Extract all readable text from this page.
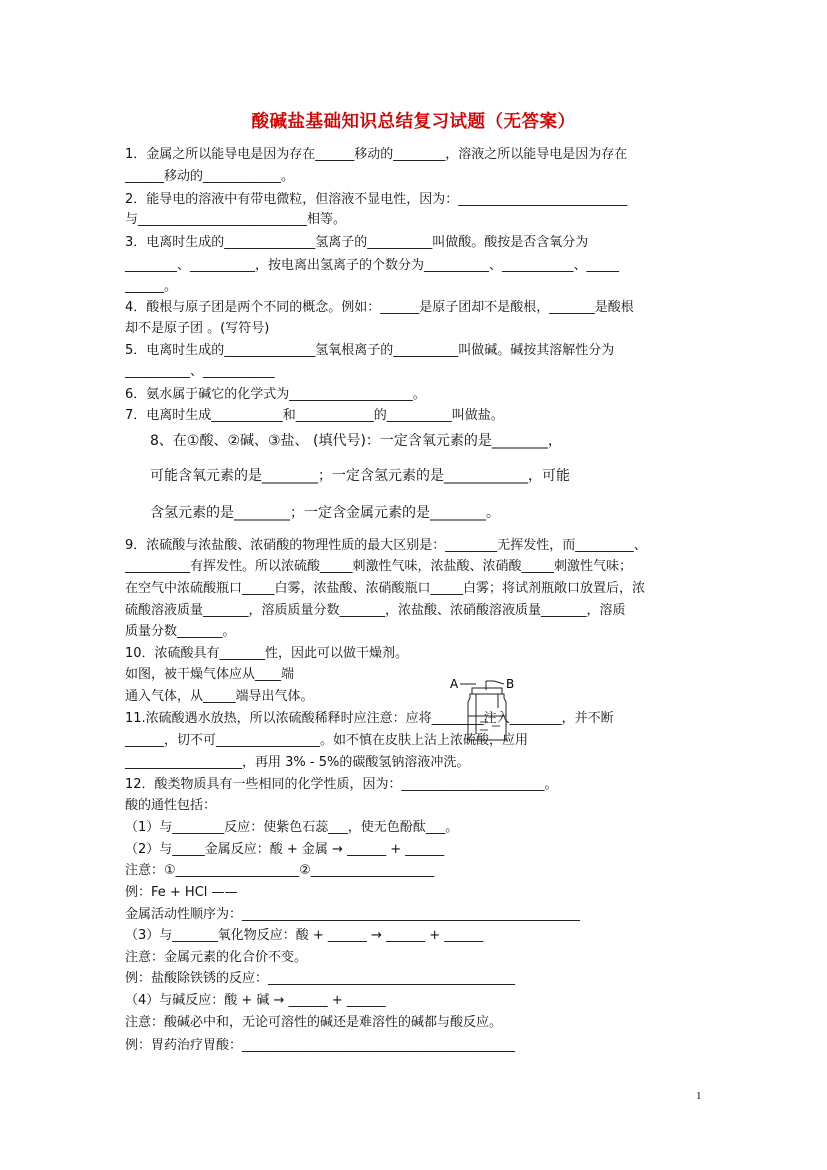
酸碱盐基础知识总结复习试题（无答案）
1．金属之所以能导电是因为存在______移动的________，溶液之所以能导电是因为存在
______移动的____________。
2．能导电的溶液中有带电微粒，但溶液不显电性，因为：__________________________
与__________________________相等。
3．电离时生成的______________氢离子的__________叫做酸。酸按是否含氧分为
________、__________，按电离出氢离子的个数分为__________、___________、_____
______。
4．酸根与原子团是两个不同的概念。例如：______是原子团却不是酸根，_______是酸根
却不是原子团 。(写符号)
5．电离时生成的______________氢氧根离子的__________叫做碱。碱按其溶解性分为
__________、___________
6．氨水属于碱它的化学式为___________________。
7．电离时生成___________和____________的__________叫做盐。
8、在①酸、②碱、③盐、 (填代号)：一定含氧元素的是________，
可能含氧元素的是________；一定含氢元素的是____________，可能
含氢元素的是________；一定含金属元素的是________。
9．浓硫酸与浓盐酸、浓硝酸的物理性质的最大区别是：________无挥发性，而_________、
__________有挥发性。所以浓硫酸_____刺激性气味，浓盐酸、浓硝酸_____刺激性气味；
在空气中浓硫酸瓶口_____白雾，浓盐酸、浓硝酸瓶口_____白雾；将试剂瓶敞口放置后，浓
硫酸溶液质量_______，溶质质量分数_______，浓盐酸、浓硝酸溶液质量_______，溶质
质量分数_______。
10．浓硫酸具有_______性，因此可以做干燥剂。
如图，被干燥气体应从____端
通入气体，从_____端导出气体。
11.浓硫酸遇水放热，所以浓硫酸稀释时应注意：应将________注入________，并不断
______，切不可________________。如不慎在皮肤上沾上浓硫酸，应用
__________________，再用 3% - 5%的碳酸氢钠溶液冲洗。
12．酸类物质具有一些相同的化学性质，因为：______________________。
酸的通性包括：
（1）与________反应：使紫色石蕊___，使无色酚酞___。
（2）与_____金属反应：酸 + 金属 → ______ + ______
注意：①___________________②___________________
例：Fe + HCl ——
金属活动性顺序为：____________________________________________________
（3）与_______氧化物反应：酸 + ______ → ______ + ______
注意：金属元素的化合价不变。
例：盐酸除铁锈的反应：______________________________________
（4）与碱反应：酸 + 碱 → ______ + ______
注意：酸碱必中和，无论可溶性的碱还是难溶性的碱都与酸反应。
例：胃药治疗胃酸：__________________________________________
A	B
1
